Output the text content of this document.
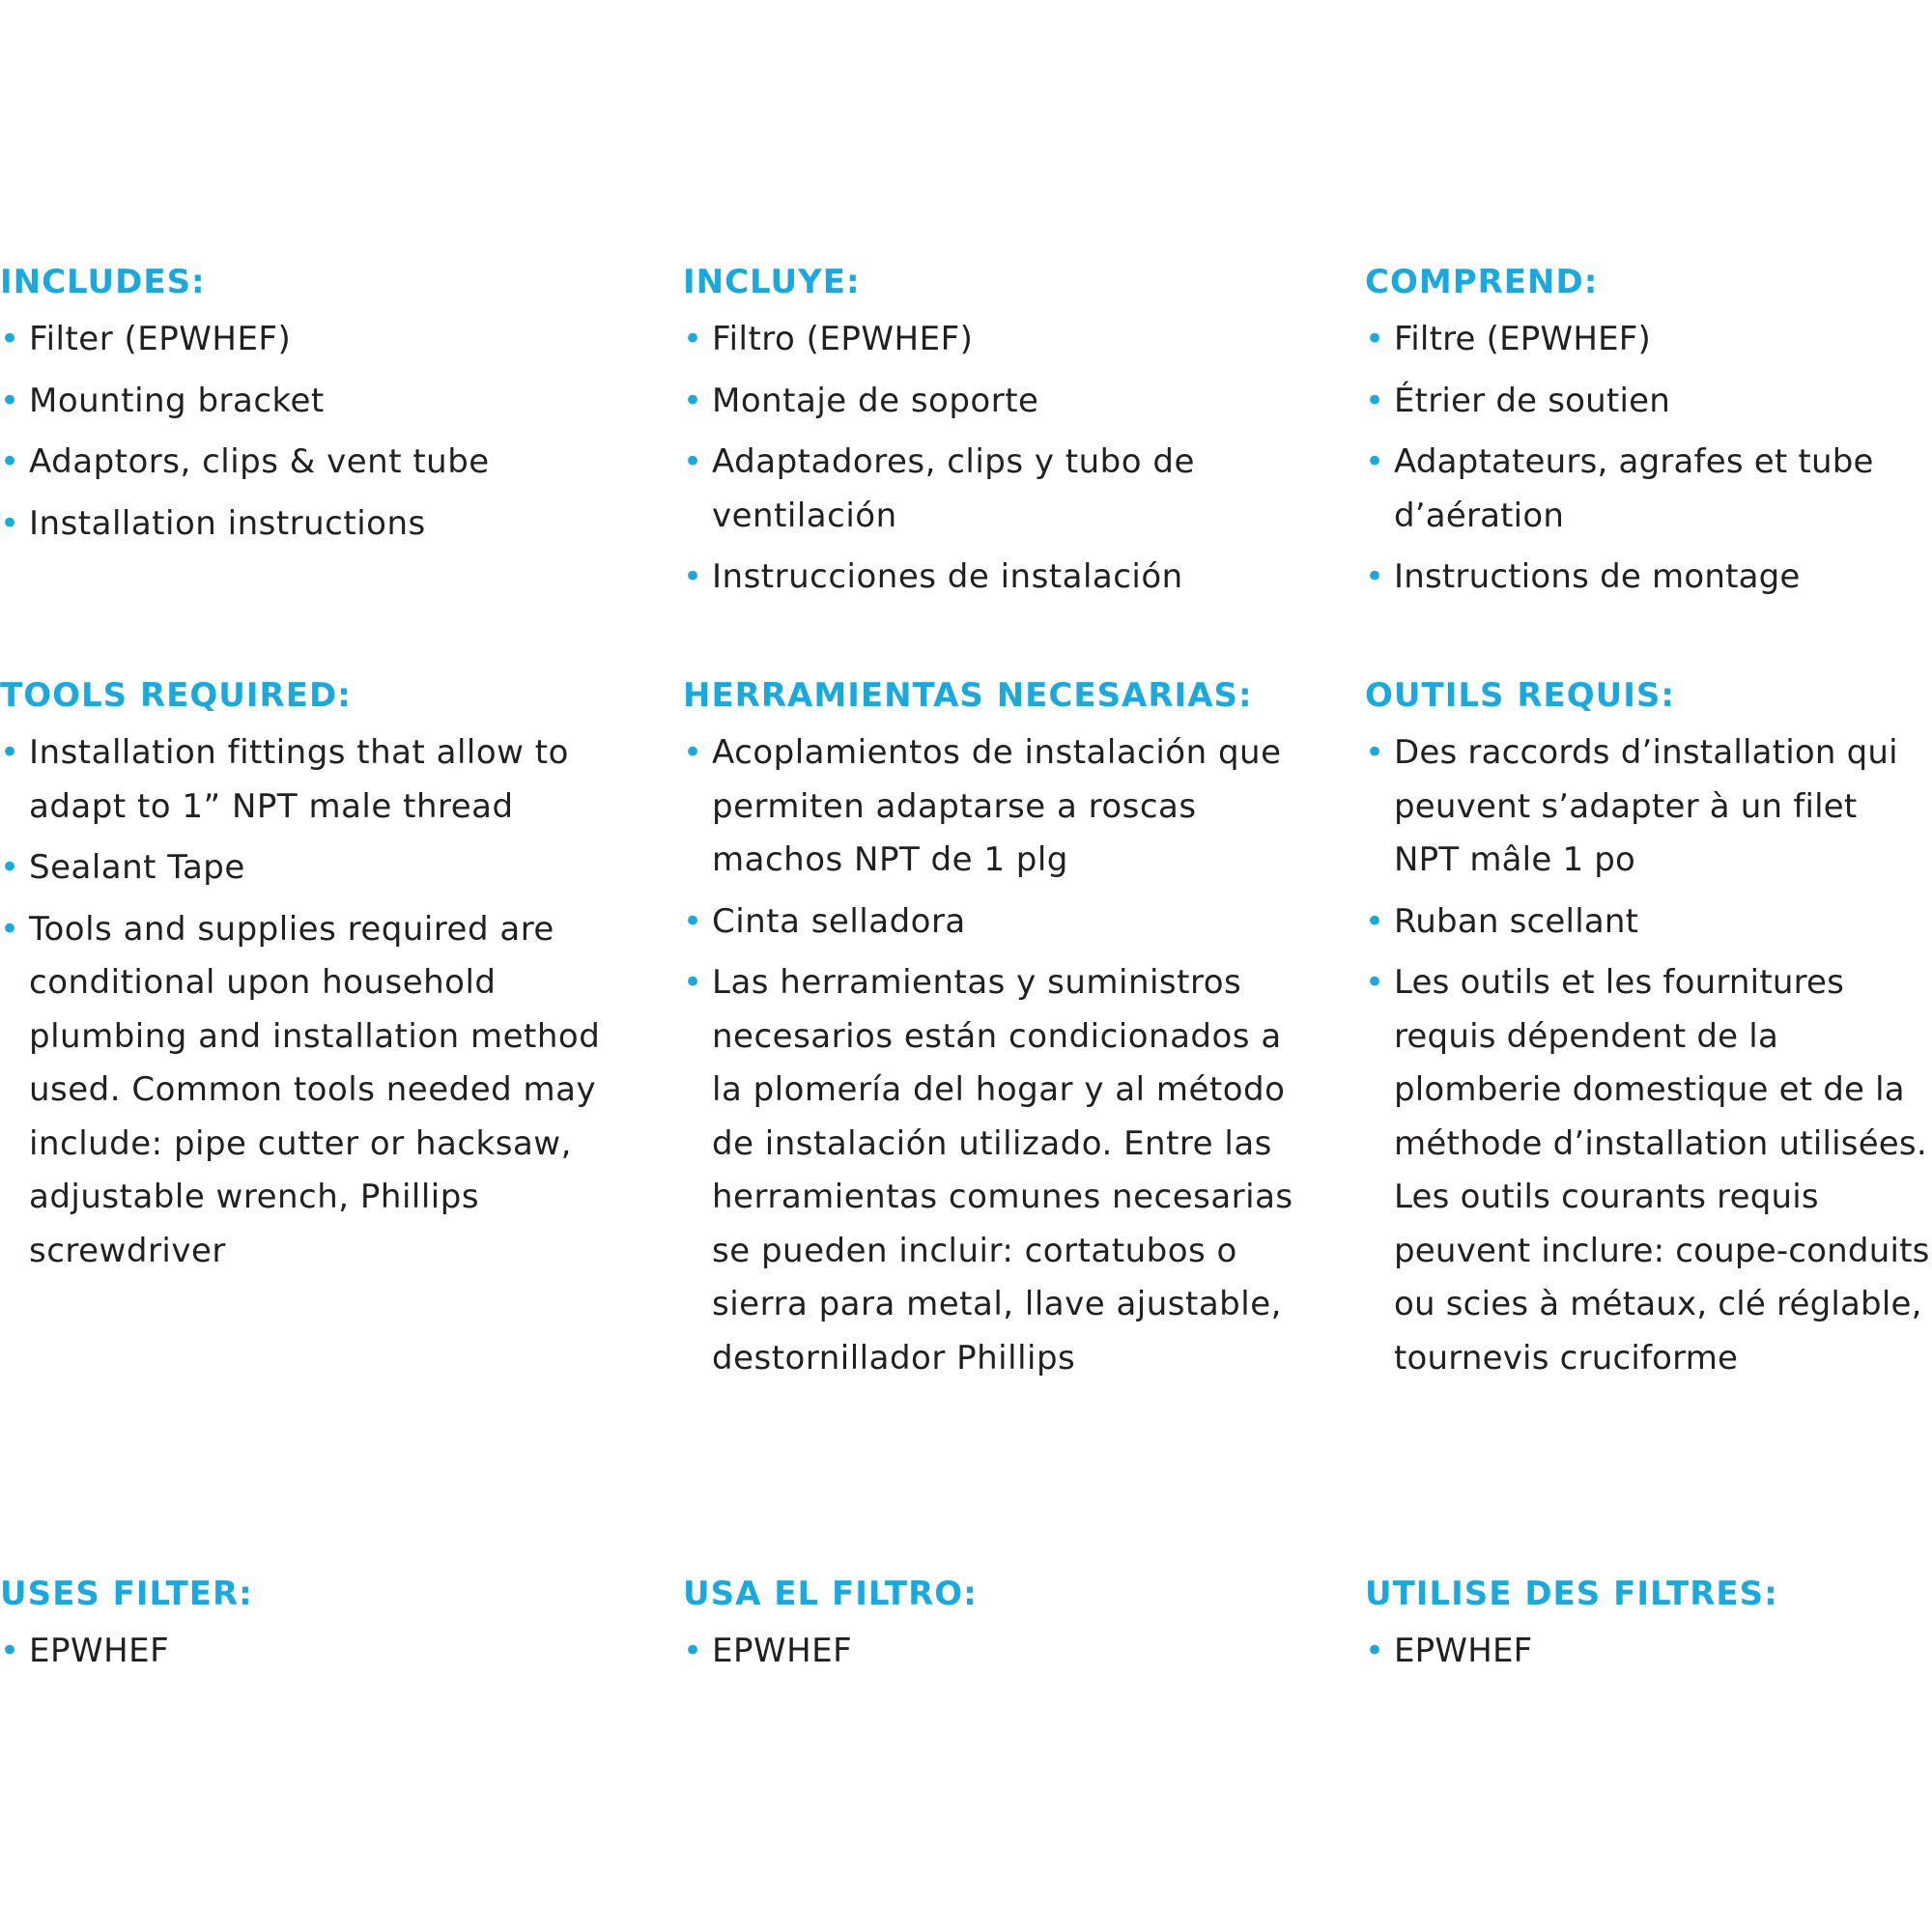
INCLUDES:
• Filter (EPWHEF)
• Mounting bracket
• Adaptors, clips & vent tube
• Installation instructions
TOOLS REQUIRED:
• Installation fittings that allow to adapt to 1” NPT male thread
• Sealant Tape
• Tools and supplies required are conditional upon household plumbing and installation method used. Common tools needed may include: pipe cutter or hacksaw, adjustable wrench, Phillips screwdriver
USES FILTER:
• EPWHEF
INCLUYE:
• Filtro (EPWHEF)
• Montaje de soporte
• Adaptadores, clips y tubo de ventilación
• Instrucciones de instalación
HERRAMIENTAS NECESARIAS:
• Acoplamientos de instalación que permiten adaptarse a roscas machos NPT de 1 plg
• Cinta selladora
• Las herramientas y suministros necesarios están condicionados a la plomería del hogar y al método de instalación utilizado. Entre las herramientas comunes necesarias se pueden incluir: cortatubos o sierra para metal, llave ajustable, destornillador Phillips
USA EL FILTRO:
• EPWHEF
COMPREND:
• Filtre (EPWHEF)
• Étrier de soutien
• Adaptateurs, agrafes et tube d’aération
• Instructions de montage
OUTILS REQUIS:
• Des raccords d’installation qui peuvent s’adapter à un filet NPT mâle 1 po
• Ruban scellant
• Les outils et les fournitures requis dépendent de la plomberie domestique et de la méthode d’installation utilisées. Les outils courants requis peuvent inclure: coupe-conduits ou scies à métaux, clé réglable, tournevis cruciforme
UTILISE DES FILTRES:
• EPWHEF
